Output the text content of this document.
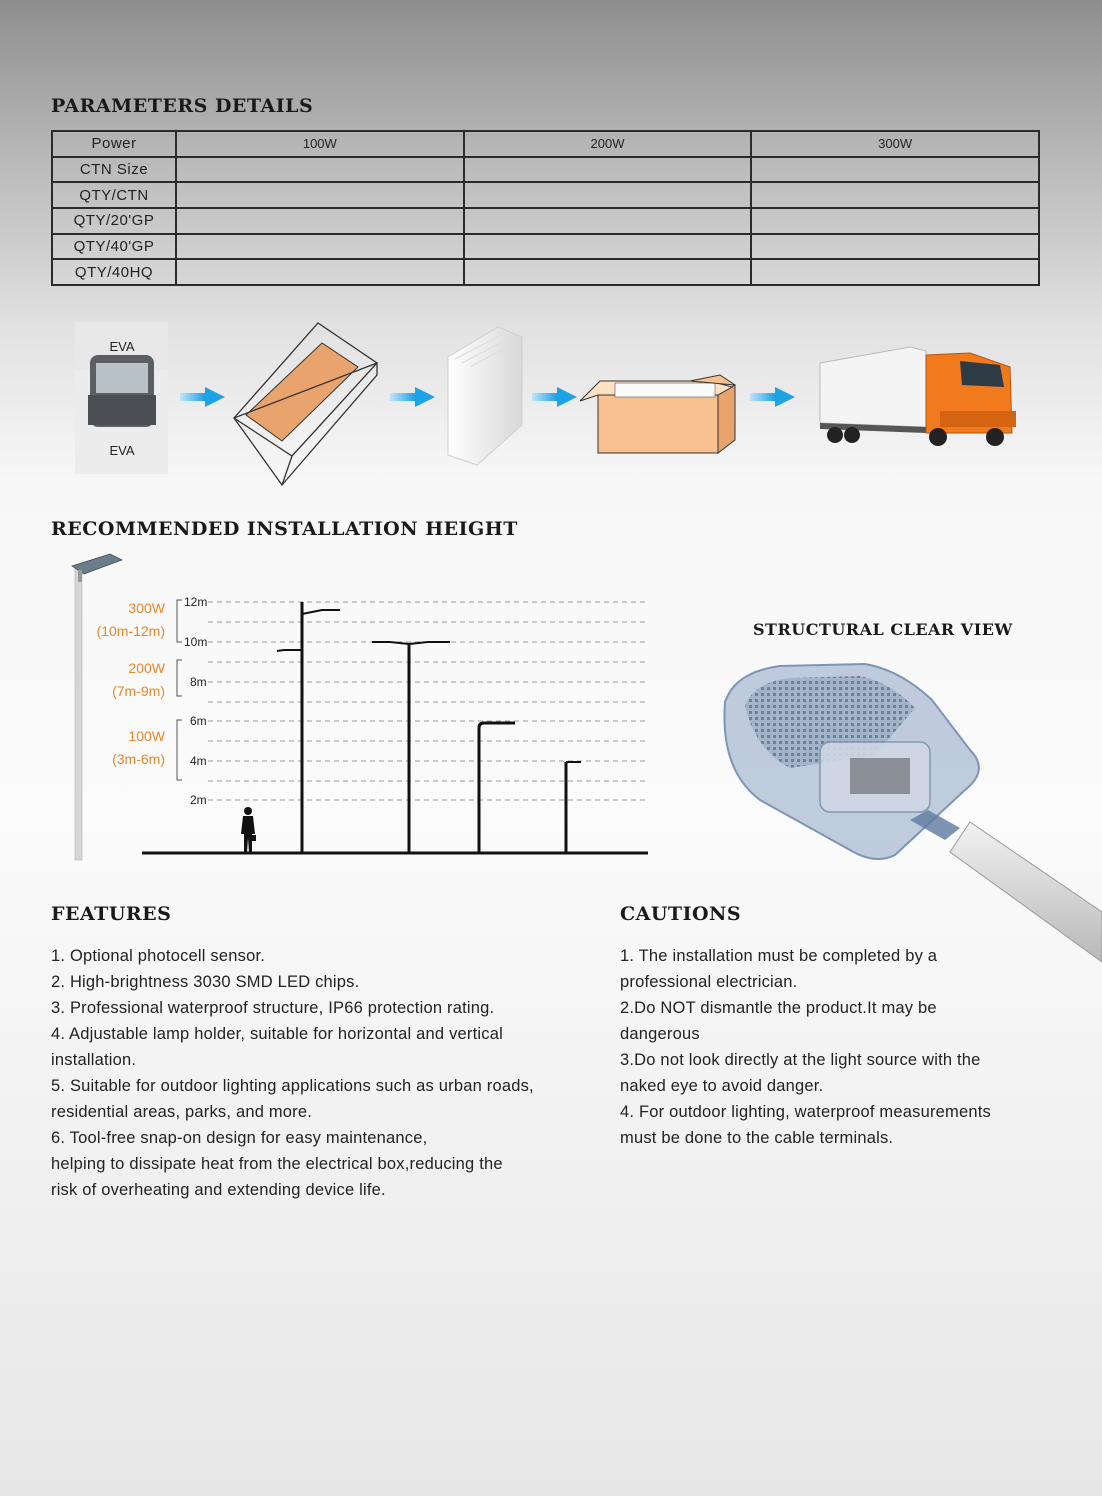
PARAMETERS DETAILS
Power	100W	200W	300W
CTN Size			
QTY/CTN			
QTY/20'GP			
QTY/40'GP			
QTY/40HQ			
EVA
EVA
RECOMMENDED INSTALLATION HEIGHT
12m
10m
8m
6m
4m
2m
300W
(10m-12m)
200W
(7m-9m)
100W
(3m-6m)
STRUCTURAL CLEAR VIEW
FEATURES
1. Optional photocell sensor.
2. High-brightness 3030 SMD LED chips.
3. Professional waterproof structure, IP66 protection rating.
4. Adjustable lamp holder, suitable for horizontal and vertical
installation.
5. Suitable for outdoor lighting applications such as urban roads,
residential areas, parks, and more.
6. Tool-free snap-on design for easy maintenance,
helping to dissipate heat from the electrical box,reducing the
risk of overheating and extending device life.
CAUTIONS
1. The installation must be completed by a
professional electrician.
2.Do NOT dismantle the product.It may be
dangerous
3.Do not look directly at the light source with the
naked eye to avoid danger.
4. For outdoor lighting, waterproof measurements
must be done to the cable terminals.
